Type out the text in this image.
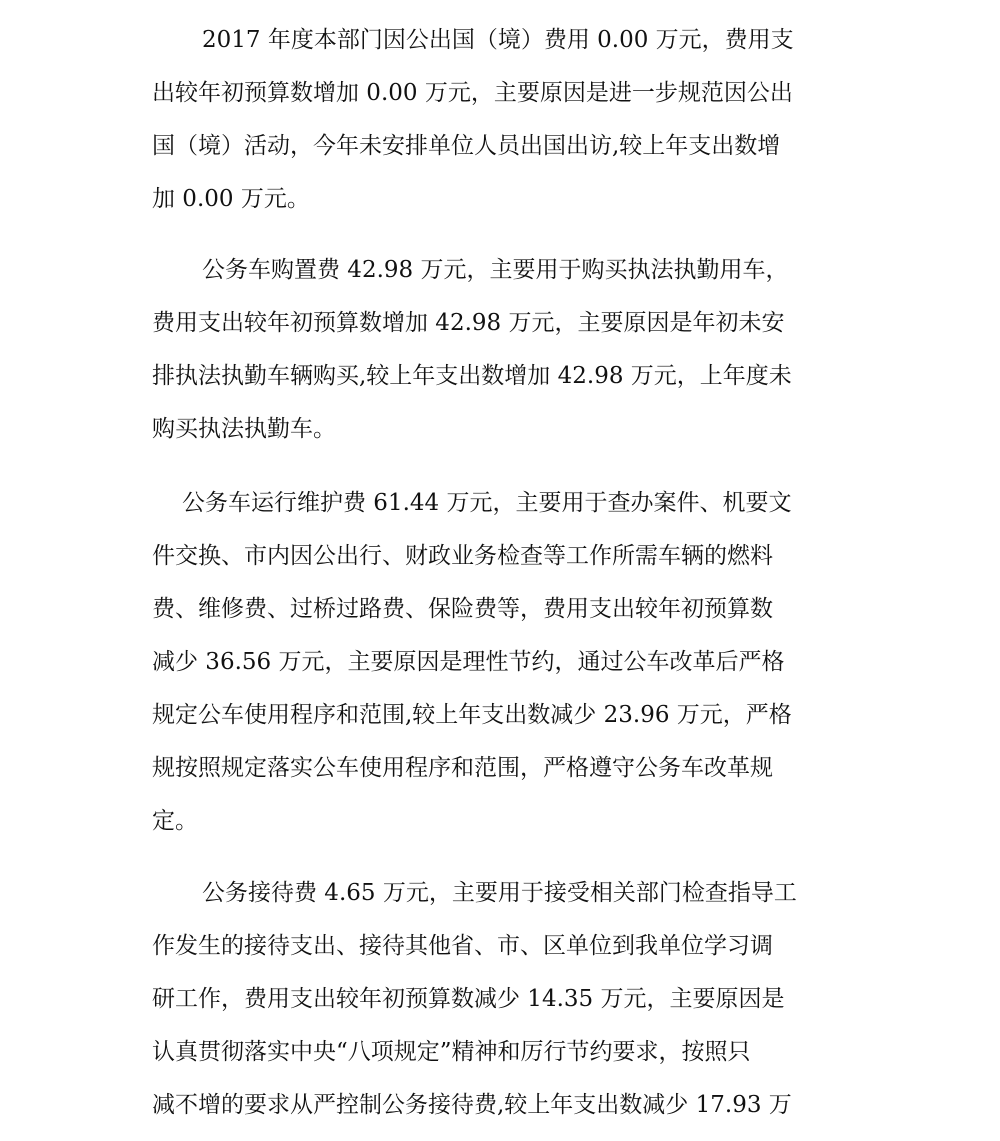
2017 年度本部门因公出国（境）费用 0.00 万元，费用支
出较年初预算数增加 0.00 万元，主要原因是进一步规范因公出
国（境）活动，今年未安排单位人员出国出访,较上年支出数增
加 0.00 万元。

公务车购置费 42.98 万元，主要用于购买执法执勤用车，
费用支出较年初预算数增加 42.98 万元，主要原因是年初未安
排执法执勤车辆购买,较上年支出数增加 42.98 万元，上年度未
购买执法执勤车。

公务车运行维护费 61.44 万元，主要用于查办案件、机要文
件交换、市内因公出行、财政业务检查等工作所需车辆的燃料
费、维修费、过桥过路费、保险费等，费用支出较年初预算数
减少 36.56 万元，主要原因是理性节约，通过公车改革后严格
规定公车使用程序和范围,较上年支出数减少 23.96 万元，严格
规按照规定落实公车使用程序和范围，严格遵守公务车改革规
定。

公务接待费 4.65 万元，主要用于接受相关部门检查指导工
作发生的接待支出、接待其他省、市、区单位到我单位学习调
研工作，费用支出较年初预算数减少 14.35 万元，主要原因是
认真贯彻落实中央“八项规定”精神和厉行节约要求，按照只
减不增的要求从严控制公务接待费,较上年支出数减少 17.93 万
